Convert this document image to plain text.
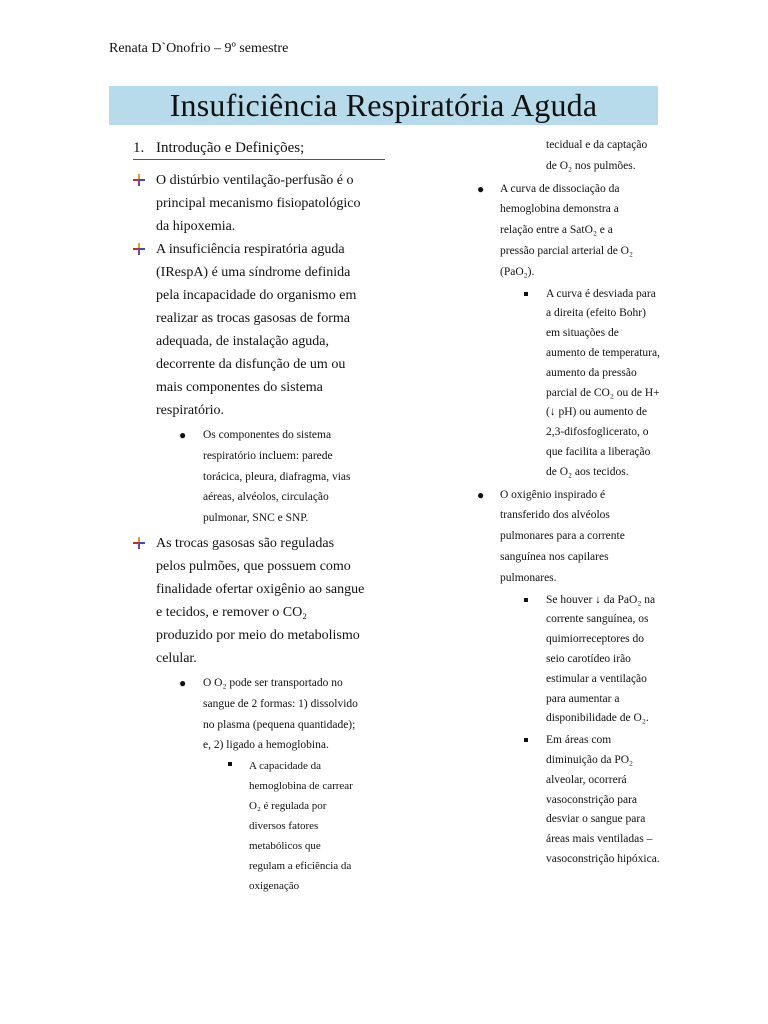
Renata D`Onofrio – 9º semestre
Insuficiência Respiratória Aguda
1. Introdução e Definições;
O distúrbio ventilação-perfusão é o principal mecanismo fisiopatológico da hipoxemia.
A insuficiência respiratória aguda (IRespA) é uma síndrome definida pela incapacidade do organismo em realizar as trocas gasosas de forma adequada, de instalação aguda, decorrente da disfunção de um ou mais componentes do sistema respiratório.
● Os componentes do sistema respiratório incluem: parede torácica, pleura, diafragma, vias aéreas, alvéolos, circulação pulmonar, SNC e SNP.
As trocas gasosas são reguladas pelos pulmões, que possuem como finalidade ofertar oxigênio ao sangue e tecidos, e remover o CO₂ produzido por meio do metabolismo celular.
● O O₂ pode ser transportado no sangue de 2 formas: 1) dissolvido no plasma (pequena quantidade); e, 2) ligado a hemoglobina.
A capacidade da hemoglobina de carrear O₂ é regulada por diversos fatores metabólicos que regulam a eficiência da oxigenação
tecidual e da captação de O₂ nos pulmões.
● A curva de dissociação da hemoglobina demonstra a relação entre a SatO₂ e a pressão parcial arterial de O₂ (PaO₂).
A curva é desviada para a direita (efeito Bohr) em situações de aumento de temperatura, aumento da pressão parcial de CO₂ ou de H+ (↓ pH) ou aumento de 2,3-difosfoglicerato, o que facilita a liberação de O₂ aos tecidos.
● O oxigênio inspirado é transferido dos alvéolos pulmonares para a corrente sanguínea nos capilares pulmonares.
Se houver ↓ da PaO₂ na corrente sanguínea, os quimiorreceptores do seio carotídeo irão estimular a ventilação para aumentar a disponibilidade de O₂.
Em áreas com diminuição da PO₂ alveolar, ocorrerá vasoconstrição para desviar o sangue para áreas mais ventiladas – vasoconstrição hipóxica.
